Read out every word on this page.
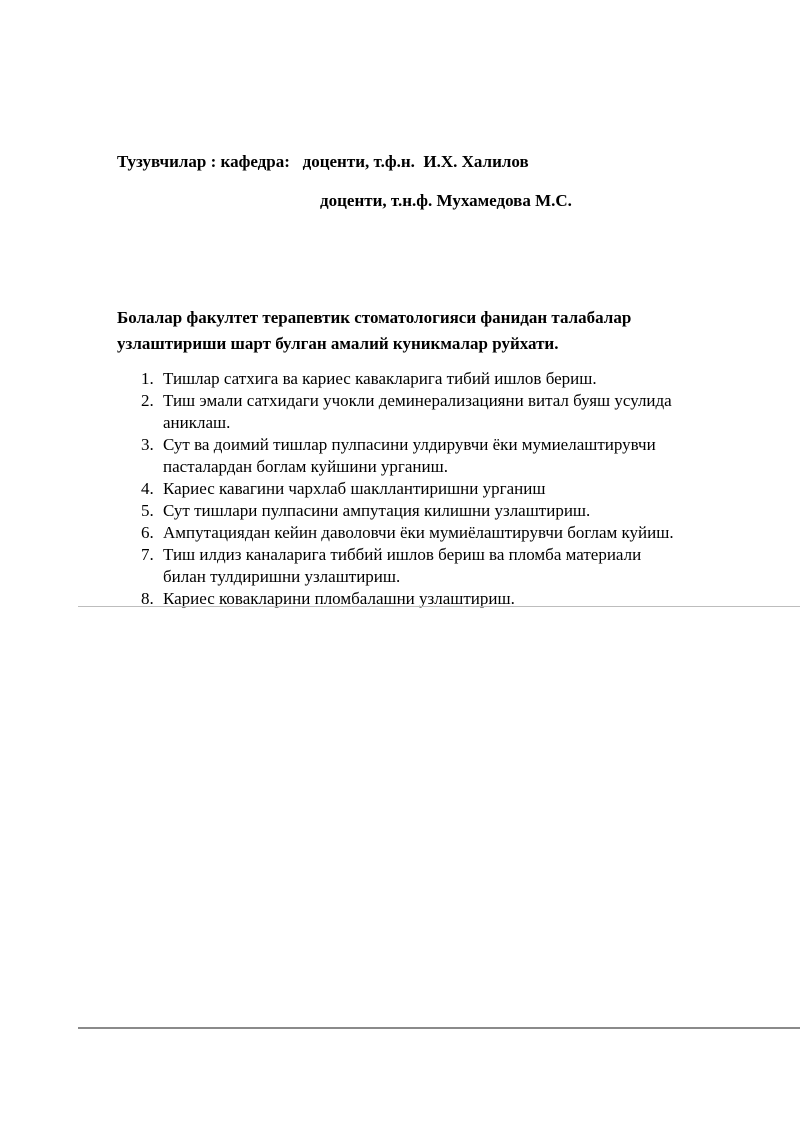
Тузувчилар : кафедра:   доценти, т.ф.н.  И.Х. Халилов
доценти, т.н.ф. Мухамедова М.С.
Болалар факултет терапевтик стоматологияси фанидан талабалар
узлаштириши шарт булган амалий куникмалар руйхати.
1. Тишлар сатхига ва кариес кавакларига тибий ишлов бериш.
2. Тиш эмали сатхидаги учокли деминерализацияни витал буяш усулида
аниклаш.
3. Сут ва доимий тишлар пулпасини улдирувчи ёки мумиелаштирувчи
пасталардан боглам куйшини урганиш.
4. Кариес кавагини чархлаб шакллантиришни урганиш
5. Сут тишлари пулпасини ампутация килишни узлаштириш.
6. Ампутациядан кейин даволовчи ёки мумиёлаштирувчи боглам куйиш.
7. Тиш илдиз каналарига тиббий ишлов бериш ва пломба материали
билан тулдиришни узлаштириш.
8. Кариес ковакларини пломбалашни узлаштириш.
